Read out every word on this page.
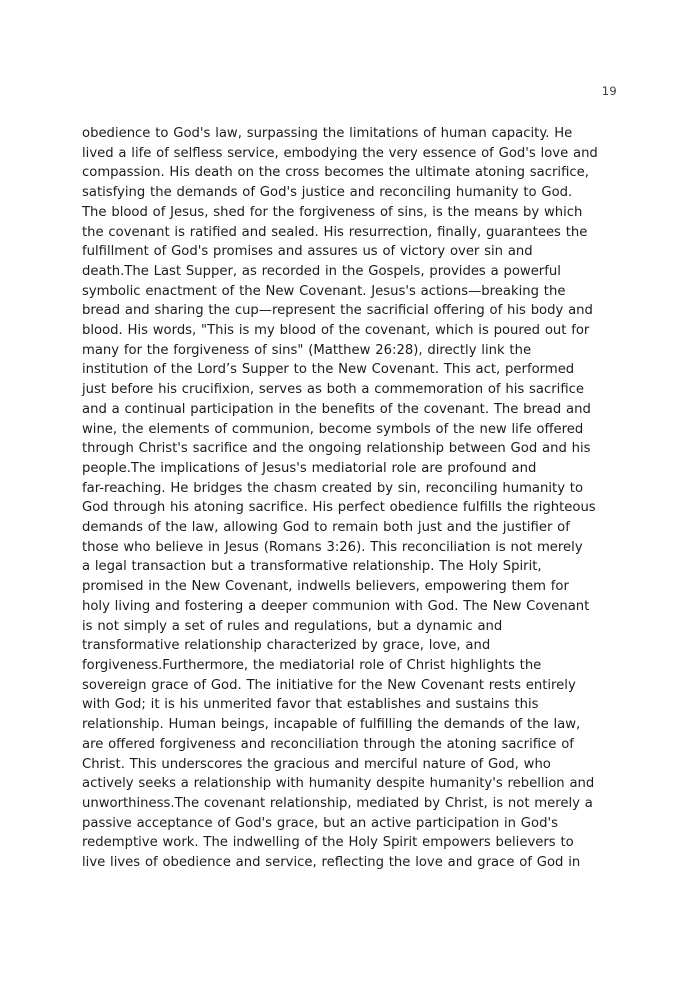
19
obedience to God's law, surpassing the limitations of human capacity. He
lived a life of selfless service, embodying the very essence of God's love and
compassion. His death on the cross becomes the ultimate atoning sacrifice,
satisfying the demands of God's justice and reconciling humanity to God.
The blood of Jesus, shed for the forgiveness of sins, is the means by which
the covenant is ratified and sealed. His resurrection, finally, guarantees the
fulfillment of God's promises and assures us of victory over sin and
death.The Last Supper, as recorded in the Gospels, provides a powerful
symbolic enactment of the New Covenant. Jesus's actions—breaking the
bread and sharing the cup—represent the sacrificial offering of his body and
blood. His words, "This is my blood of the covenant, which is poured out for
many for the forgiveness of sins" (Matthew 26:28), directly link the
institution of the Lord’s Supper to the New Covenant. This act, performed
just before his crucifixion, serves as both a commemoration of his sacrifice
and a continual participation in the benefits of the covenant. The bread and
wine, the elements of communion, become symbols of the new life offered
through Christ's sacrifice and the ongoing relationship between God and his
people.The implications of Jesus's mediatorial role are profound and
far-reaching. He bridges the chasm created by sin, reconciling humanity to
God through his atoning sacrifice. His perfect obedience fulfills the righteous
demands of the law, allowing God to remain both just and the justifier of
those who believe in Jesus (Romans 3:26). This reconciliation is not merely
a legal transaction but a transformative relationship. The Holy Spirit,
promised in the New Covenant, indwells believers, empowering them for
holy living and fostering a deeper communion with God. The New Covenant
is not simply a set of rules and regulations, but a dynamic and
transformative relationship characterized by grace, love, and
forgiveness.Furthermore, the mediatorial role of Christ highlights the
sovereign grace of God. The initiative for the New Covenant rests entirely
with God; it is his unmerited favor that establishes and sustains this
relationship. Human beings, incapable of fulfilling the demands of the law,
are offered forgiveness and reconciliation through the atoning sacrifice of
Christ. This underscores the gracious and merciful nature of God, who
actively seeks a relationship with humanity despite humanity's rebellion and
unworthiness.The covenant relationship, mediated by Christ, is not merely a
passive acceptance of God's grace, but an active participation in God's
redemptive work. The indwelling of the Holy Spirit empowers believers to
live lives of obedience and service, reflecting the love and grace of God in
